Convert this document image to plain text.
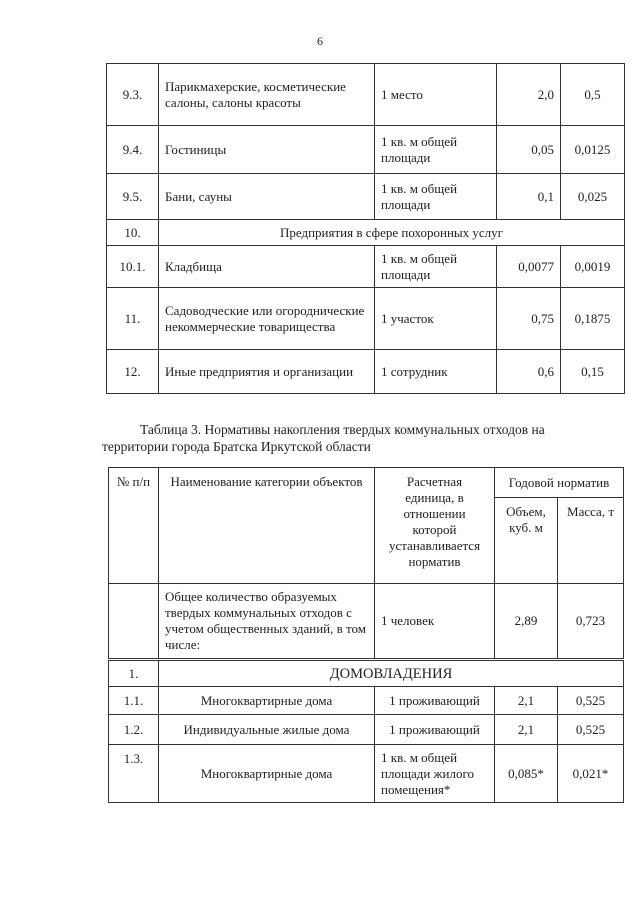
6
9.3.	Парикмахерские, косметические салоны, салоны красоты	1 место	2,0	0,5
9.4.	Гостиницы	1 кв. м общей площади	0,05	0,0125
9.5.	Бани, сауны	1 кв. м общей площади	0,1	0,025
10.	Предприятия в сфере похоронных услуг			
10.1.	Кладбища	1 кв. м общей площади	0,0077	0,0019
11.	Садоводческие или огороднические некоммерческие товарищества	1 участок	0,75	0,1875
12.	Иные предприятия и организации	1 сотрудник	0,6	0,15
Таблица 3. Нормативы накопления твердых коммунальных отходов на
территории города Братска Иркутской области
№ п/п	Наименование категории объектов	Расчетная единица, в отношении которой устанавливается норматив	Годовой норматив	
			Объем, куб. м	Масса, т
	Общее количество образуемых твердых коммунальных отходов с учетом общественных зданий, в том числе:	1 человек	2,89	0,723
1.	ДОМОВЛАДЕНИЯ			
1.1.	Многоквартирные дома	1 проживающий	2,1	0,525
1.2.	Индивидуальные жилые дома	1 проживающий	2,1	0,525
1.3.	Многоквартирные дома	1 кв. м общей площади жилого помещения*	0,085*	0,021*
